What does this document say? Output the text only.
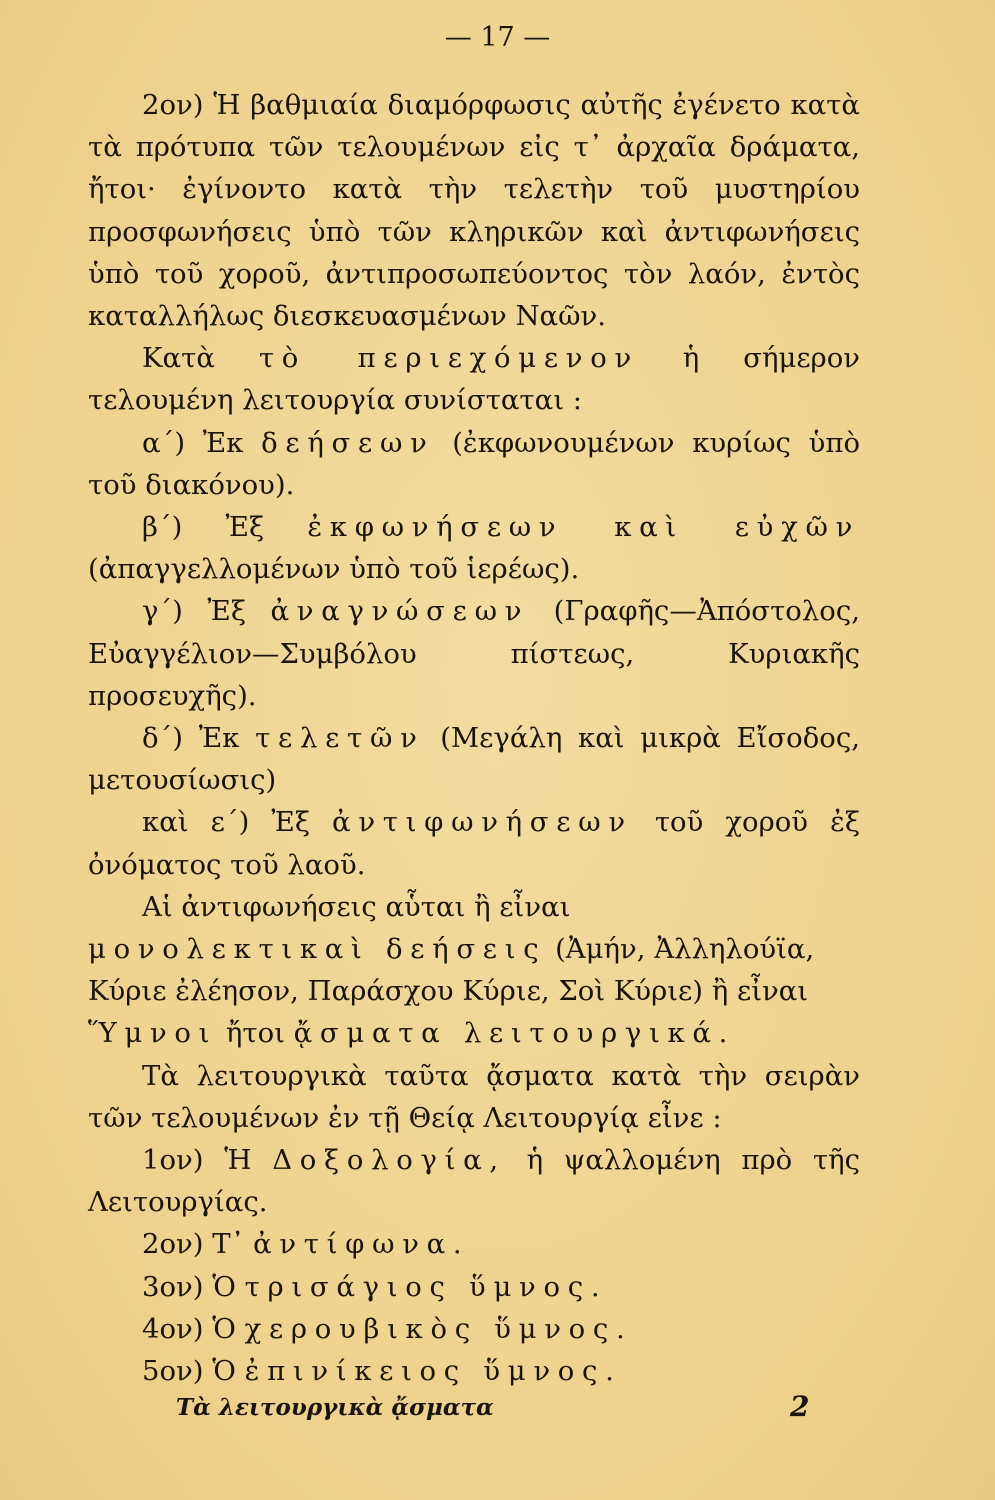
— 17 —

2ον) Ἡ βαθμιαία διαμόρφωσις αὐτῆς ἐγένετο κατὰ τὰ πρότυπα τῶν τελουμένων εἰς τ᾽ ἀρχαῖα δράματα, ἤτοι· ἐγίνοντο κατὰ τὴν τελετὴν τοῦ μυστηρίου προσφωνήσεις ὑπὸ τῶν κληρικῶν καὶ ἀντιφωνήσεις ὑπὸ τοῦ χοροῦ, ἀντιπροσωπεύοντος τὸν λαόν, ἐντὸς καταλλήλως διεσκευασμένων Ναῶν.

Κατὰ τὸ περιεχόμενον ἡ σήμερον τελουμένη λειτουργία συνίσταται :

α´) Ἐκ δεήσεων (ἐκφωνουμένων κυρίως ὑπὸ τοῦ διακόνου).

β´) Ἐξ ἐκφωνήσεων καὶ εὐχῶν (ἀπαγγελλομένων ὑπὸ τοῦ ἱερέως).

γ´) Ἐξ ἀναγνώσεων (Γραφῆς—Ἀπόστολος, Εὐαγγέλιον—Συμβόλου πίστεως, Κυριακῆς προσευχῆς).

δ´) Ἐκ τελετῶν (Μεγάλη καὶ μικρὰ Εἴσοδος, μετουσίωσις)

καὶ ε´) Ἐξ ἀντιφωνήσεων τοῦ χοροῦ ἐξ ὀνόματος τοῦ λαοῦ.

Αἱ ἀντιφωνήσεις αὗται ἢ εἶναι μονολεκτικαὶ δεήσεις (Ἀμήν, Ἀλληλούϊα, Κύριε ἐλέησον, Παράσχου Κύριε, Σοὶ Κύριε) ἢ εἶναι Ὕμνοι ἤτοι ᾄσματα λειτουργικά.

Τὰ λειτουργικὰ ταῦτα ᾄσματα κατὰ τὴν σειρὰν τῶν τελουμένων ἐν τῇ Θείᾳ Λειτουργίᾳ εἶνε :

1ον) Ἡ Δοξολογία, ἡ ψαλλομένη πρὸ τῆς Λειτουργίας.

2ον) Τ᾽ ἀντίφωνα.

3ον) Ὁ τρισάγιος ὕμνος.

4ον) Ὁ χερουβικὸς ὕμνος.

5ον) Ὁ ἐπινίκειος ὕμνος.

Τὰ λειτουργικὰ ᾄσματα	2
